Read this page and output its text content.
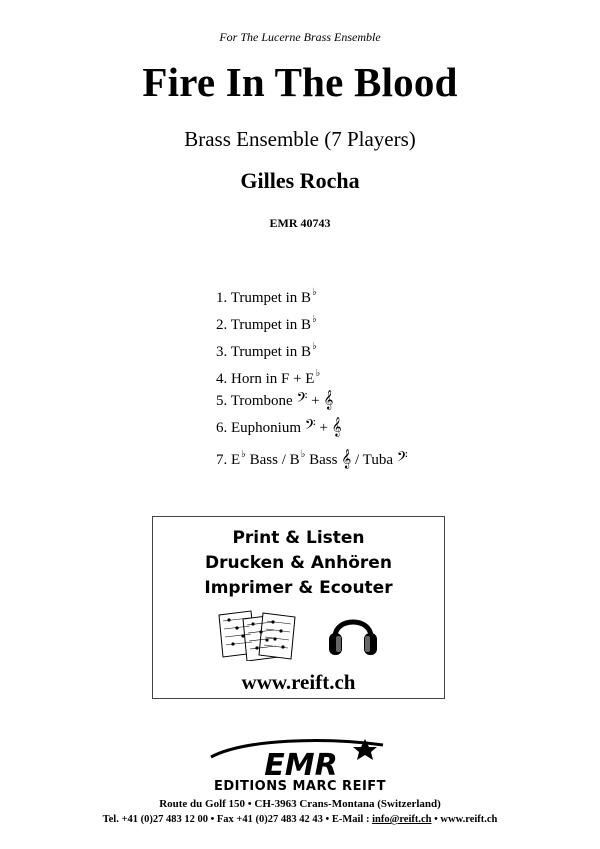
For The Lucerne Brass Ensemble
Fire In The Blood
Brass Ensemble (7 Players)
Gilles Rocha
EMR 40743
1. Trumpet in B♭
2. Trumpet in B♭
3. Trumpet in B♭
4. Horn in F + E♭
5. Trombone 𝄢 + 𝄞
6. Euphonium 𝄢 + 𝄞
7. E♭ Bass / B♭ Bass 𝄞 / Tuba 𝄢
Print & Listen
Drucken & Anhören
Imprimer & Ecouter
www.reift.ch
EMR
EDITIONS MARC REIFT
Route du Golf 150 • CH-3963 Crans-Montana (Switzerland)
Tel. +41 (0)27 483 12 00 • Fax +41 (0)27 483 42 43 • E-Mail : info@reift.ch • www.reift.ch
